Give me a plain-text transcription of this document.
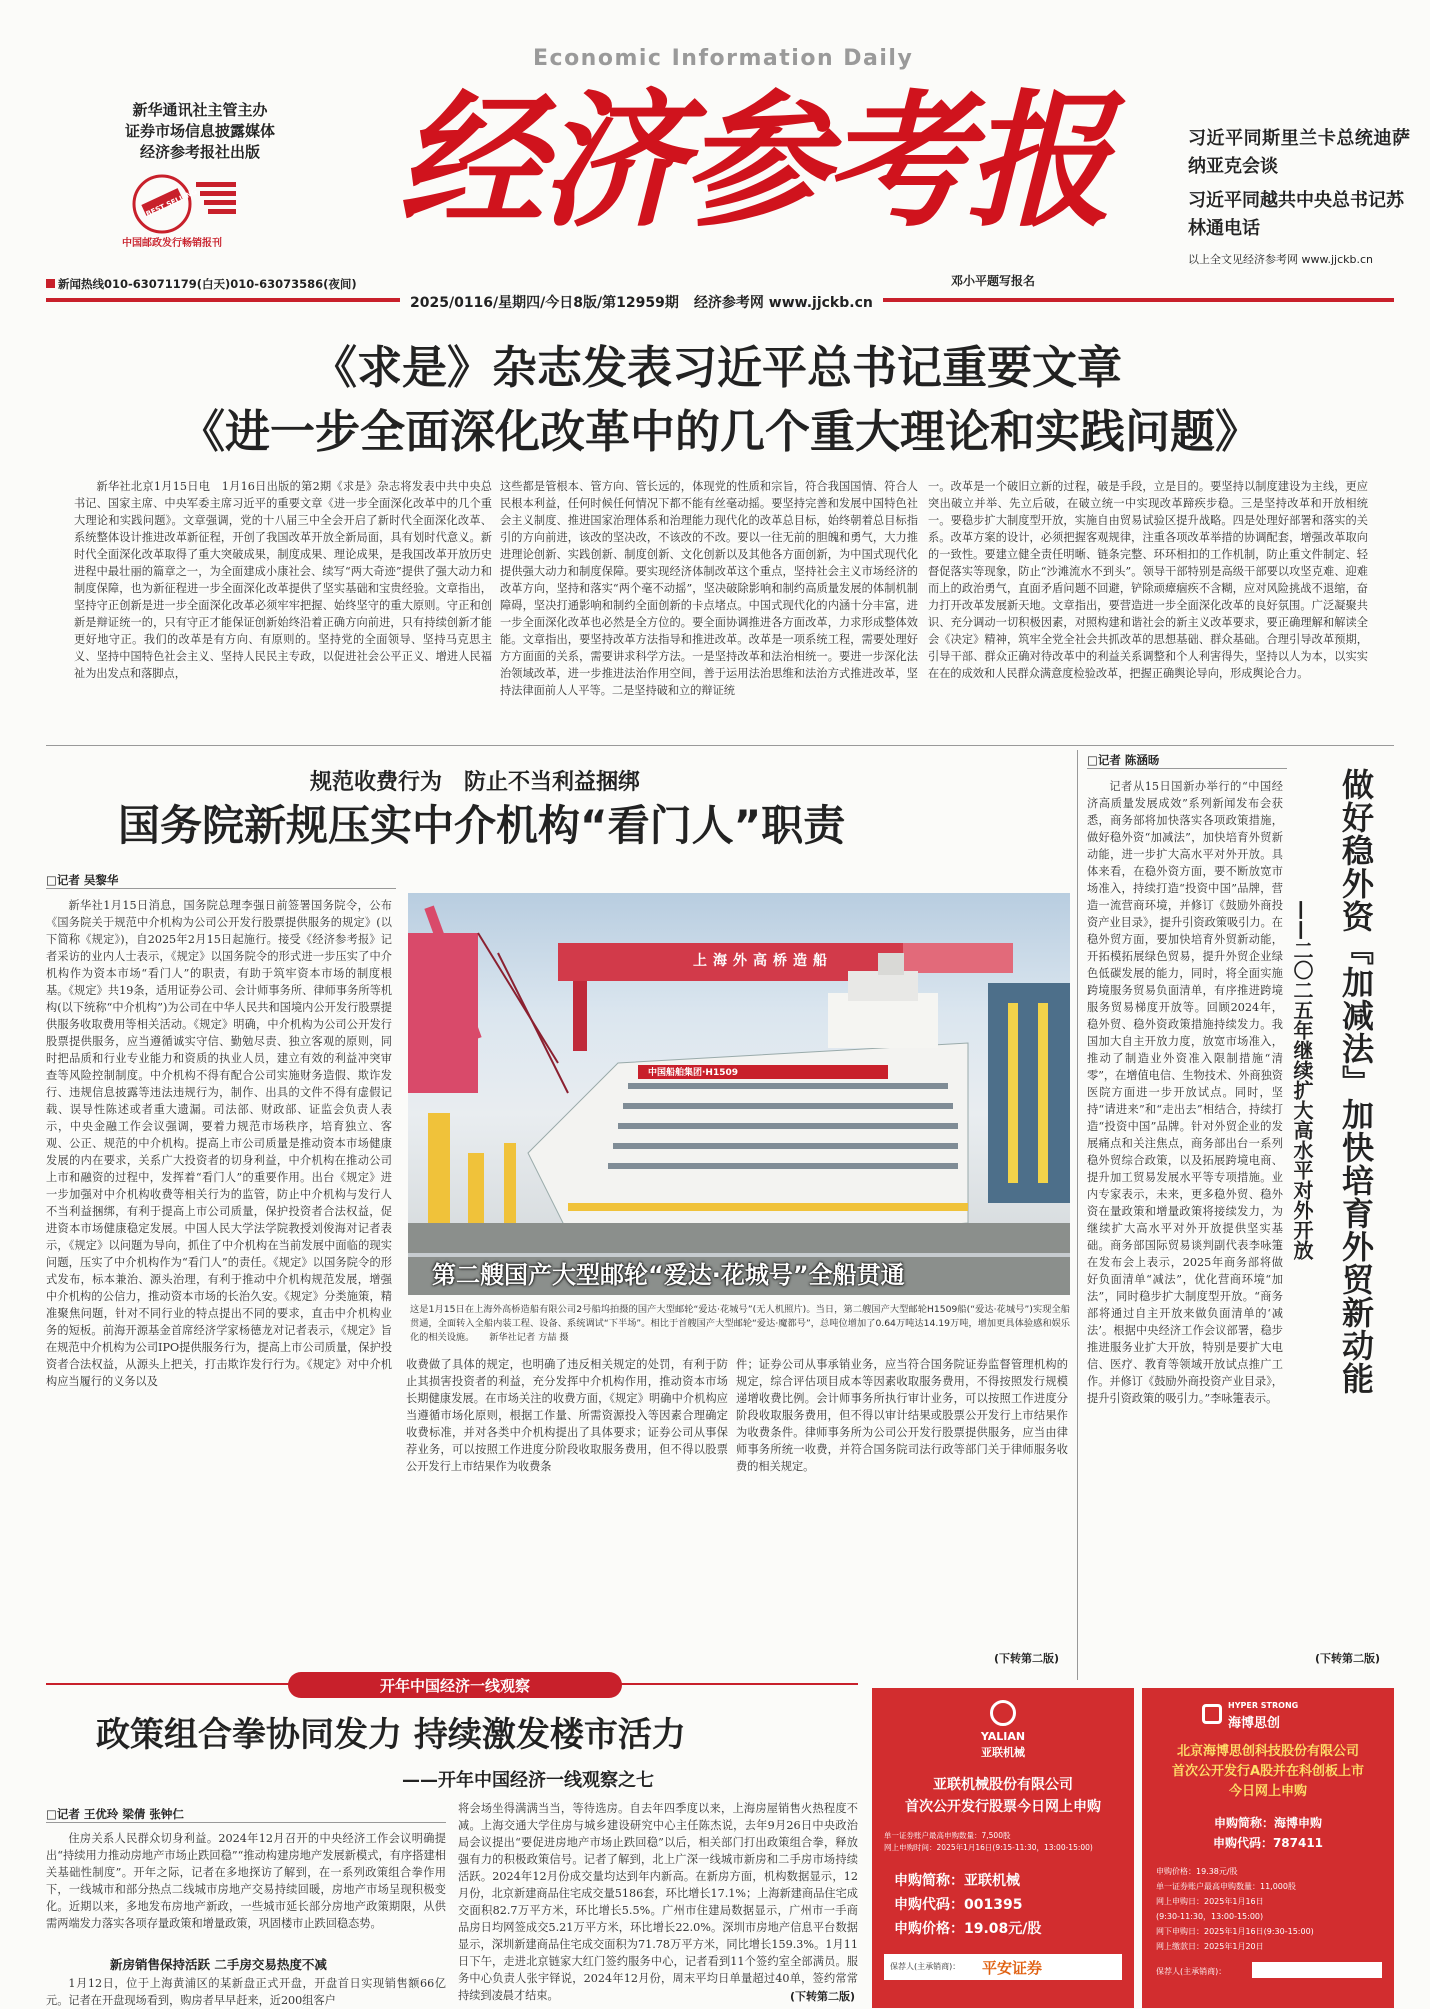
Economic Information Daily
新华通讯社主管主办
证券市场信息披露媒体
经济参考报社出版
BEST SELLING
中国邮政发行畅销报刊 经济参考报
邓小平题写报名
习近平同斯里兰卡总统迪萨纳亚克会谈
习近平同越共中央总书记苏林通电话
以上全文见经济参考网 www.jjckb.cn
新闻热线010-63071179(白天)010-63073586(夜间)
2025/0116/星期四/今日8版/第12959期 经济参考网 www.jjckb.cn
《求是》杂志发表习近平总书记重要文章
《进一步全面深化改革中的几个重大理论和实践问题》
新华社北京1月15日电　1月16日出版的第2期《求是》杂志将发表中共中央总书记、国家主席、中央军委主席习近平的重要文章《进一步全面深化改革中的几个重大理论和实践问题》。文章强调，党的十八届三中全会开启了新时代全面深化改革、系统整体设计推进改革新征程，开创了我国改革开放全新局面，具有划时代意义。新时代全面深化改革取得了重大突破成果，制度成果、理论成果，是我国改革开放历史进程中最壮丽的篇章之一，为全面建成小康社会、续写“两大奇迹”提供了强大动力和制度保障，也为新征程进一步全面深化改革提供了坚实基础和宝贵经验。文章指出，坚持守正创新是进一步全面深化改革必须牢牢把握、始终坚守的重大原则。守正和创新是辩证统一的，只有守正才能保证创新始终沿着正确方向前进，只有持续创新才能更好地守正。我们的改革是有方向、有原则的。坚持党的全面领导、坚持马克思主义、坚持中国特色社会主义、坚持人民民主专政，以促进社会公平正义、增进人民福祉为出发点和落脚点，
这些都是管根本、管方向、管长远的，体现党的性质和宗旨，符合我国国情、符合人民根本利益，任何时候任何情况下都不能有丝毫动摇。要坚持完善和发展中国特色社会主义制度、推进国家治理体系和治理能力现代化的改革总目标，始终朝着总目标指引的方向前进，该改的坚决改，不该改的不改。要以一往无前的胆魄和勇气，大力推进理论创新、实践创新、制度创新、文化创新以及其他各方面创新，为中国式现代化提供强大动力和制度保障。要实现经济体制改革这个重点，坚持社会主义市场经济的改革方向，坚持和落实“两个毫不动摇”，坚决破除影响和制约高质量发展的体制机制障碍，坚决打通影响和制约全面创新的卡点堵点。中国式现代化的内涵十分丰富，进一步全面深化改革也必然是全方位的。要全面协调推进各方面改革，力求形成整体效能。文章指出，要坚持改革方法指导和推进改革。改革是一项系统工程，需要处理好方方面面的关系，需要讲求科学方法。一是坚持改革和法治相统一。要进一步深化法治领域改革，进一步推进法治作用空间，善于运用法治思维和法治方式推进改革，坚持法律面前人人平等。二是坚持破和立的辩证统
一。改革是一个破旧立新的过程，破是手段，立是目的。要坚持以制度建设为主线，更应突出破立并举、先立后破，在破立统一中实现改革蹄疾步稳。三是坚持改革和开放相统一。要稳步扩大制度型开放，实施自由贸易试验区提升战略。四是处理好部署和落实的关系。改革方案的设计，必须把握客观规律，注重各项改革举措的协调配套，增强改革取向的一致性。要建立健全责任明晰、链条完整、环环相扣的工作机制，防止重文件制定、轻督促落实等现象，防止“沙滩流水不到头”。领导干部特别是高级干部要以攻坚克难、迎难而上的政治勇气，直面矛盾问题不回避，铲除顽瘴痼疾不含糊，应对风险挑战不退缩，奋力打开改革发展新天地。文章指出，要营造进一步全面深化改革的良好氛围。广泛凝聚共识、充分调动一切积极因素，对照构建和谐社会的新主义改革要求，要正确理解和解读全会《决定》精神，筑牢全党全社会共抓改革的思想基础、群众基础。合理引导改革预期，引导干部、群众正确对待改革中的利益关系调整和个人利害得失，坚持以人为本，以实实在在的成效和人民群众满意度检验改革，把握正确舆论导向，形成舆论合力。
规范收费行为　防止不当利益捆绑
国务院新规压实中介机构“看门人”职责
□记者 吴黎华
新华社1月15日消息，国务院总理李强日前签署国务院令，公布《国务院关于规范中介机构为公司公开发行股票提供服务的规定》(以下简称《规定》)，自2025年2月15日起施行。接受《经济参考报》记者采访的业内人士表示，《规定》以国务院令的形式进一步压实了中介机构作为资本市场“看门人”的职责，有助于筑牢资本市场的制度根基。《规定》共19条，适用证券公司、会计师事务所、律师事务所等机构(以下统称“中介机构”)为公司在中华人民共和国境内公开发行股票提供服务收取费用等相关活动。《规定》明确，中介机构为公司公开发行股票提供服务，应当遵循诚实守信、勤勉尽责、独立客观的原则，同时把品质和行业专业能力和资质的执业人员，建立有效的利益冲突审查等风险控制制度。中介机构不得有配合公司实施财务造假、欺诈发行、违规信息披露等违法违规行为，制作、出具的文件不得有虚假记载、误导性陈述或者重大遗漏。司法部、财政部、证监会负责人表示，中央金融工作会议强调，要着力规范市场秩序，培育独立、客观、公正、规范的中介机构。提高上市公司质量是推动资本市场健康发展的内在要求，关系广大投资者的切身利益，中介机构在推动公司上市和融资的过程中，发挥着“看门人”的重要作用。出台《规定》进一步加强对中介机构收费等相关行为的监管，防止中介机构与发行人不当利益捆绑，有利于提高上市公司质量，保护投资者合法权益，促进资本市场健康稳定发展。中国人民大学法学院教授刘俊海对记者表示，《规定》以问题为导向，抓住了中介机构在当前发展中面临的现实问题，压实了中介机构作为“看门人”的责任。《规定》以国务院令的形式发布，标本兼治、源头治理，有利于推动中介机构规范发展，增强中介机构的公信力，推动资本市场的长治久安。《规定》分类施策，精准聚焦问题，针对不同行业的特点提出不同的要求，直击中介机构业务的短板。前海开源基金首席经济学家杨德龙对记者表示，《规定》旨在规范中介机构为公司IPO提供服务行为，提高上市公司质量，保护投资者合法权益，从源头上把关，打击欺诈发行行为。《规定》对中介机构应当履行的义务以及
上海外高桥造船
中国船舶集团·H1509
第二艘国产大型邮轮“爱达·花城号”全船贯通
这是1月15日在上海外高桥造船有限公司2号船坞拍摄的国产大型邮轮“爱达·花城号”(无人机照片)。当日，第二艘国产大型邮轮H1509船(“爱达·花城号”)实现全船贯通，全面转入全船内装工程、设备、系统调试“下半场”。相比于首艘国产大型邮轮“爱达·魔都号”，总吨位增加了0.64万吨达14.19万吨，增加更具体验感和娱乐化的相关设施。 新华社记者 方喆 摄
收费做了具体的规定，也明确了违反相关规定的处罚，有利于防止其损害投资者的利益，充分发挥中介机构作用，推动资本市场长期健康发展。在市场关注的收费方面，《规定》明确中介机构应当遵循市场化原则，根据工作量、所需资源投入等因素合理确定收费标准，并对各类中介机构提出了具体要求；证券公司从事保荐业务，可以按照工作进度分阶段收取服务费用，但不得以股票公开发行上市结果作为收费条
件；证券公司从事承销业务，应当符合国务院证券监督管理机构的规定，综合评估项目成本等因素收取服务费用，不得按照发行规模递增收费比例。会计师事务所执行审计业务，可以按照工作进度分阶段收取服务费用，但不得以审计结果或股票公开发行上市结果作为收费条件。律师事务所为公司公开发行股票提供服务，应当由律师事务所统一收费，并符合国务院司法行政等部门关于律师服务收费的相关规定。
(下转第二版)
□记者 陈涵旸
做好稳外资『加减法』加快培育外贸新动能
——二〇二五年继续扩大高水平对外开放
记者从15日国新办举行的“中国经济高质量发展成效”系列新闻发布会获悉，商务部将加快落实各项政策措施，做好稳外资“加减法”，加快培育外贸新动能，进一步扩大高水平对外开放。具体来看，在稳外资方面，要不断放宽市场准入，持续打造“投资中国”品牌，营造一流营商环境，并修订《鼓励外商投资产业目录》，提升引资政策吸引力。在稳外贸方面，要加快培育外贸新动能，开拓模拓展绿色贸易，提升外贸企业绿色低碳发展的能力，同时，将全面实施跨境服务贸易负面清单，有序推进跨境服务贸易梯度开放等。回顾2024年，稳外贸、稳外资政策措施持续发力。我国加大自主开放力度，放宽市场准入，推动了制造业外资准入限制措施“清零”，在增值电信、生物技术、外商独资医院方面进一步开放试点。同时，坚持“请进来”和“走出去”相结合，持续打造“投资中国”品牌。针对外贸企业的发展痛点和关注焦点，商务部出台一系列稳外贸综合政策，以及拓展跨境电商、提升加工贸易发展水平等专项措施。业内专家表示，未来，更多稳外贸、稳外资在量政策和增量政策将接续发力，为继续扩大高水平对外开放提供坚实基础。商务部国际贸易谈判副代表李咏箑在发布会上表示，2025年商务部将做好负面清单“减法”，优化营商环境“加法”，同时稳步扩大制度型开放。“商务部将通过自主开放来做负面清单的‘减法’。根据中央经济工作会议部署，稳步推进服务业扩大开放，特别是要扩大电信、医疗、教育等领域开放试点推广工作。并修订《鼓励外商投资产业目录》，提升引资政策的吸引力。”李咏箑表示。
(下转第二版)
开年中国经济一线观察
政策组合拳协同发力 持续激发楼市活力
——开年中国经济一线观察之七
□记者 王优玲 梁倩 张钟仁
住房关系人民群众切身利益。2024年12月召开的中央经济工作会议明确提出“持续用力推动房地产市场止跌回稳”“推动构建房地产发展新模式，有序搭建相关基础性制度”。开年之际，记者在多地探访了解到，在一系列政策组合拳作用下，一线城市和部分热点二线城市房地产交易持续回暖，房地产市场呈现积极变化。近期以来，多地发布房地产新政，一些城市延长部分房地产政策期限，从供需两端发力落实各项存量政策和增量政策，巩固楼市止跌回稳态势。
新房销售保持活跃 二手房交易热度不减
1月12日，位于上海黄浦区的某新盘正式开盘，开盘首日实现销售额66亿元。记者在开盘现场看到，购房者早早赶来，近200组客户
将会场坐得满满当当，等待选房。自去年四季度以来，上海房屋销售火热程度不减。上海交通大学住房与城乡建设研究中心主任陈杰说，去年9月26日中央政治局会议提出“要促进房地产市场止跌回稳”以后，相关部门打出政策组合拳，释放强有力的积极政策信号。记者了解到，北上广深一线城市新房和二手房市场持续活跃。2024年12月份成交量均达到年内新高。在新房方面，机构数据显示，12月份，北京新建商品住宅成交量5186套，环比增长17.1%；上海新建商品住宅成交面积82.7万平方米，环比增长5.5%。广州市住建局数据显示，广州市一手商品房日均网签成交5.21万平方米，环比增长22.0%。深圳市房地产信息平台数据显示，深圳新建商品住宅成交面积为71.78万平方米，同比增长159.3%。1月11日下午，走进北京链家大红门签约服务中心，记者看到11个签约室全部满员。服务中心负责人张宇铎说，2024年12月份，周末平均日单量超过40单，签约常常持续到凌晨才结束。	(下转第二版)
YALIAN
亚联机械
亚联机械股份有限公司
首次公开发行股票今日网上申购
单一证券账户最高申购数量：7,500股
网上申购时间：2025年1月16日(9:15-11:30，13:00-15:00)
申购简称：亚联机械
申购代码：001395
申购价格：19.08元/股
保荐人(主承销商)： 平安证券
HYPER STRONG
海博思创
北京海博思创科技股份有限公司
首次公开发行A股并在科创板上市
今日网上申购
申购简称：海博申购
申购代码：787411
申购价格：19.38元/股
单一证券账户最高申购数量：11,000股
网上申购日：2025年1月16日
(9:30-11:30，13:00-15:00)
网下申购日：2025年1月16日(9:30-15:00)
网上缴款日：2025年1月20日
保荐人(主承销商)：
